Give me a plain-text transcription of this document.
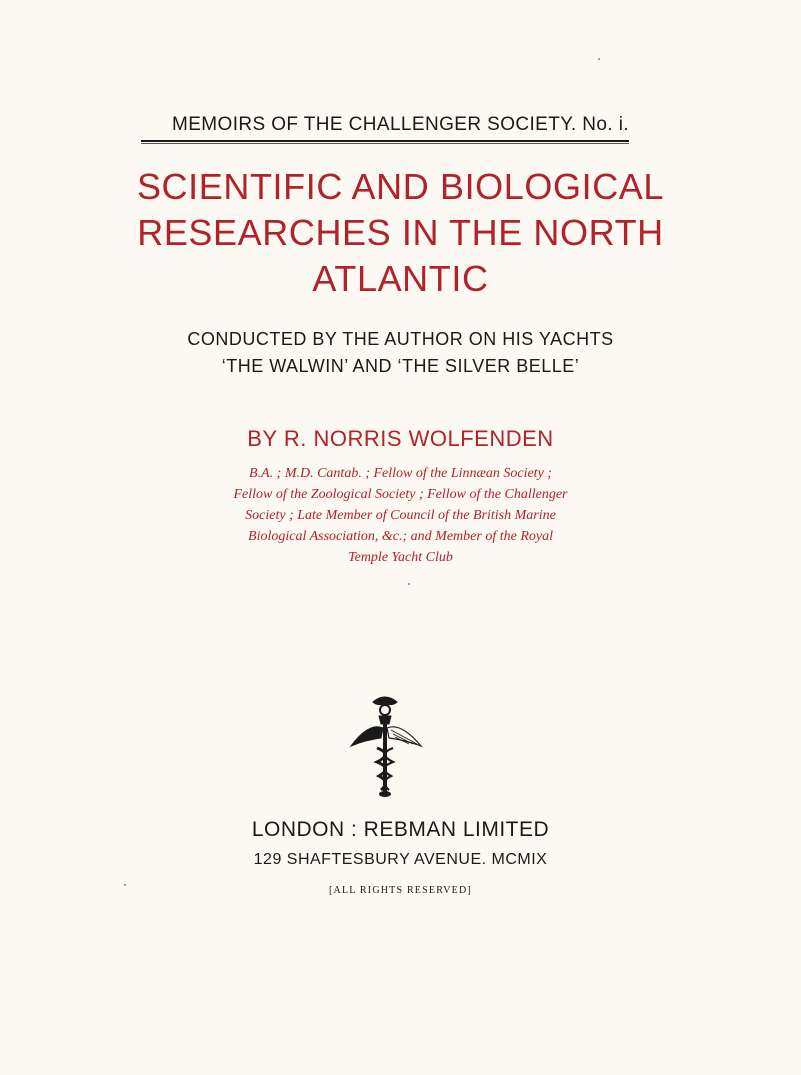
MEMOIRS OF THE CHALLENGER SOCIETY. No. i.
SCIENTIFIC AND BIOLOGICAL
RESEARCHES IN THE NORTH
ATLANTIC
CONDUCTED BY THE AUTHOR ON HIS YACHTS
‘THE WALWIN’ AND ‘THE SILVER BELLE’
BY R. NORRIS WOLFENDEN
B.A. ; M.D. Cantab. ; Fellow of the Linnæan Society ;
Fellow of the Zoological Society ; Fellow of the Challenger
Society ; Late Member of Council of the British Marine
Biological Association, &c.; and Member of the Royal
Temple Yacht Club
LONDON : REBMAN LIMITED
129 SHAFTESBURY AVENUE. MCMIX
[ALL RIGHTS RESERVED]
